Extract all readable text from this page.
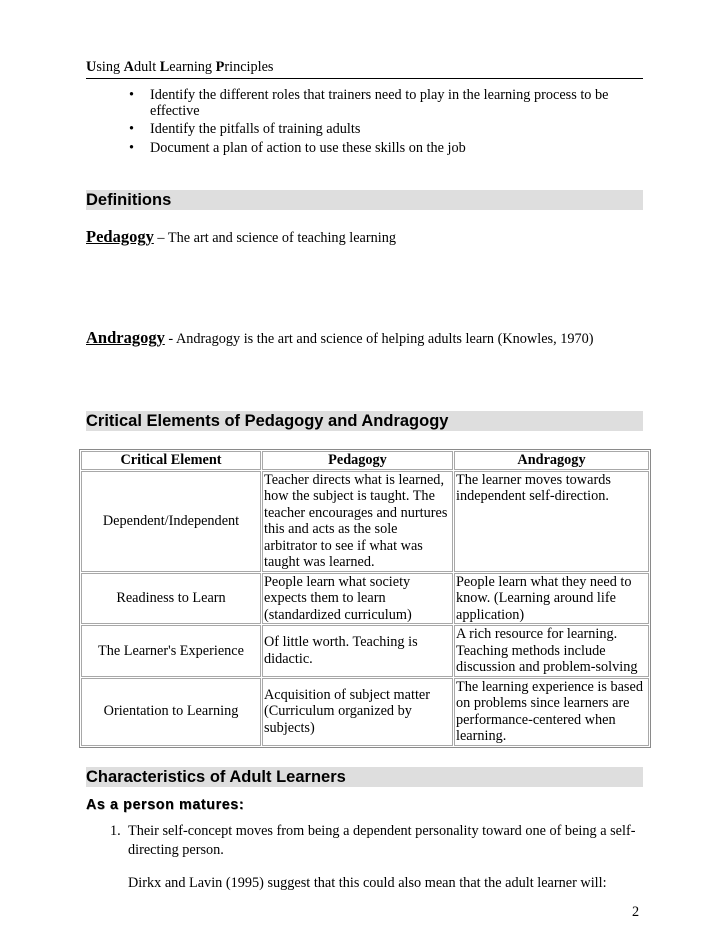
Using Adult Learning Principles
• Identify the different roles that trainers need to play in the learning process to be effective
• Identify the pitfalls of training adults
• Document a plan of action to use these skills on the job
Definitions
Pedagogy – The art and science of teaching learning
Andragogy - Andragogy is the art and science of helping adults learn (Knowles, 1970)
Critical Elements of Pedagogy and Andragogy
Critical Element	Pedagogy	Andragogy
Dependent/Independent	Teacher directs what is learned, how the subject is taught. The teacher encourages and nurtures this and acts as the sole arbitrator to see if what was taught was learned.	The learner moves towards independent self-direction.
Readiness to Learn	People learn what society expects them to learn (standardized curriculum)	People learn what they need to know. (Learning around life application)
The Learner's Experience	Of little worth. Teaching is didactic.	A rich resource for learning. Teaching methods include discussion and problem-solving
Orientation to Learning	Acquisition of subject matter (Curriculum organized by subjects)	The learning experience is based on problems since learners are performance-centered when learning.
Characteristics of Adult Learners
As a person matures:
1. Their self-concept moves from being a dependent personality toward one of being a self-directing person.
Dirkx and Lavin (1995) suggest that this could also mean that the adult learner will:
2
